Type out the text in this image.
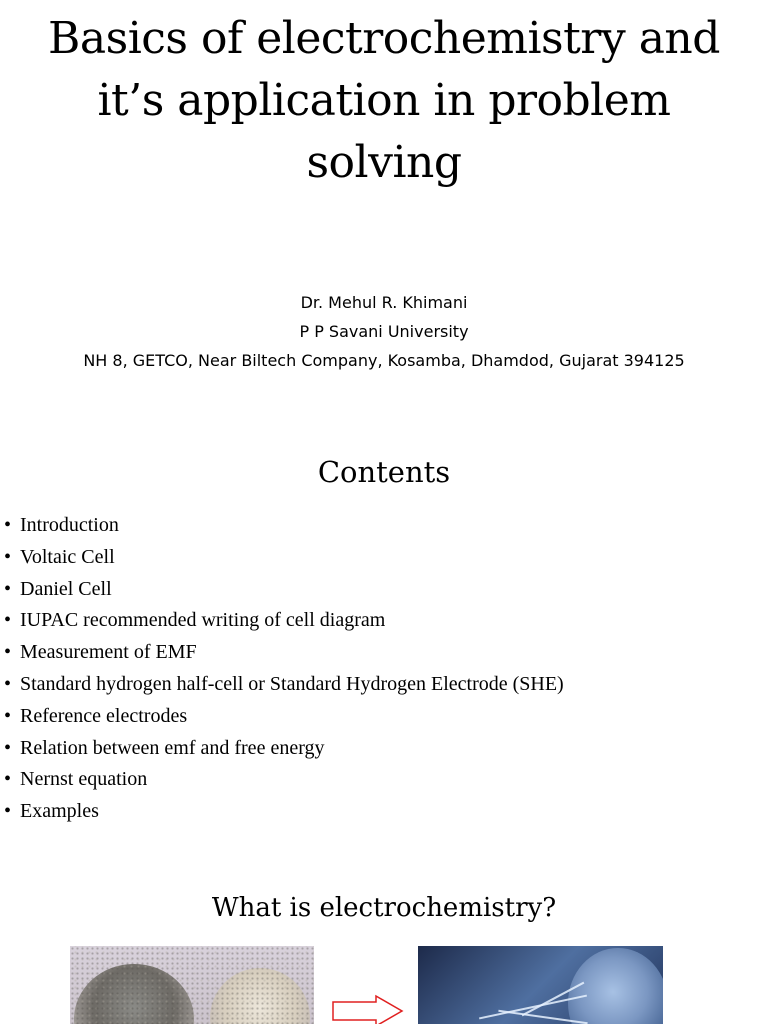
Basics of electrochemistry and
it’s application in problem
solving
Dr. Mehul R. Khimani
P P Savani University
NH 8, GETCO, Near Biltech Company, Kosamba, Dhamdod, Gujarat 394125
Contents
• Introduction
• Voltaic Cell
• Daniel Cell
• IUPAC recommended writing of cell diagram
• Measurement of EMF
• Standard hydrogen half-cell or Standard Hydrogen Electrode (SHE)
• Reference electrodes
• Relation between emf and free energy
• Nernst equation
• Examples
What is electrochemistry?
